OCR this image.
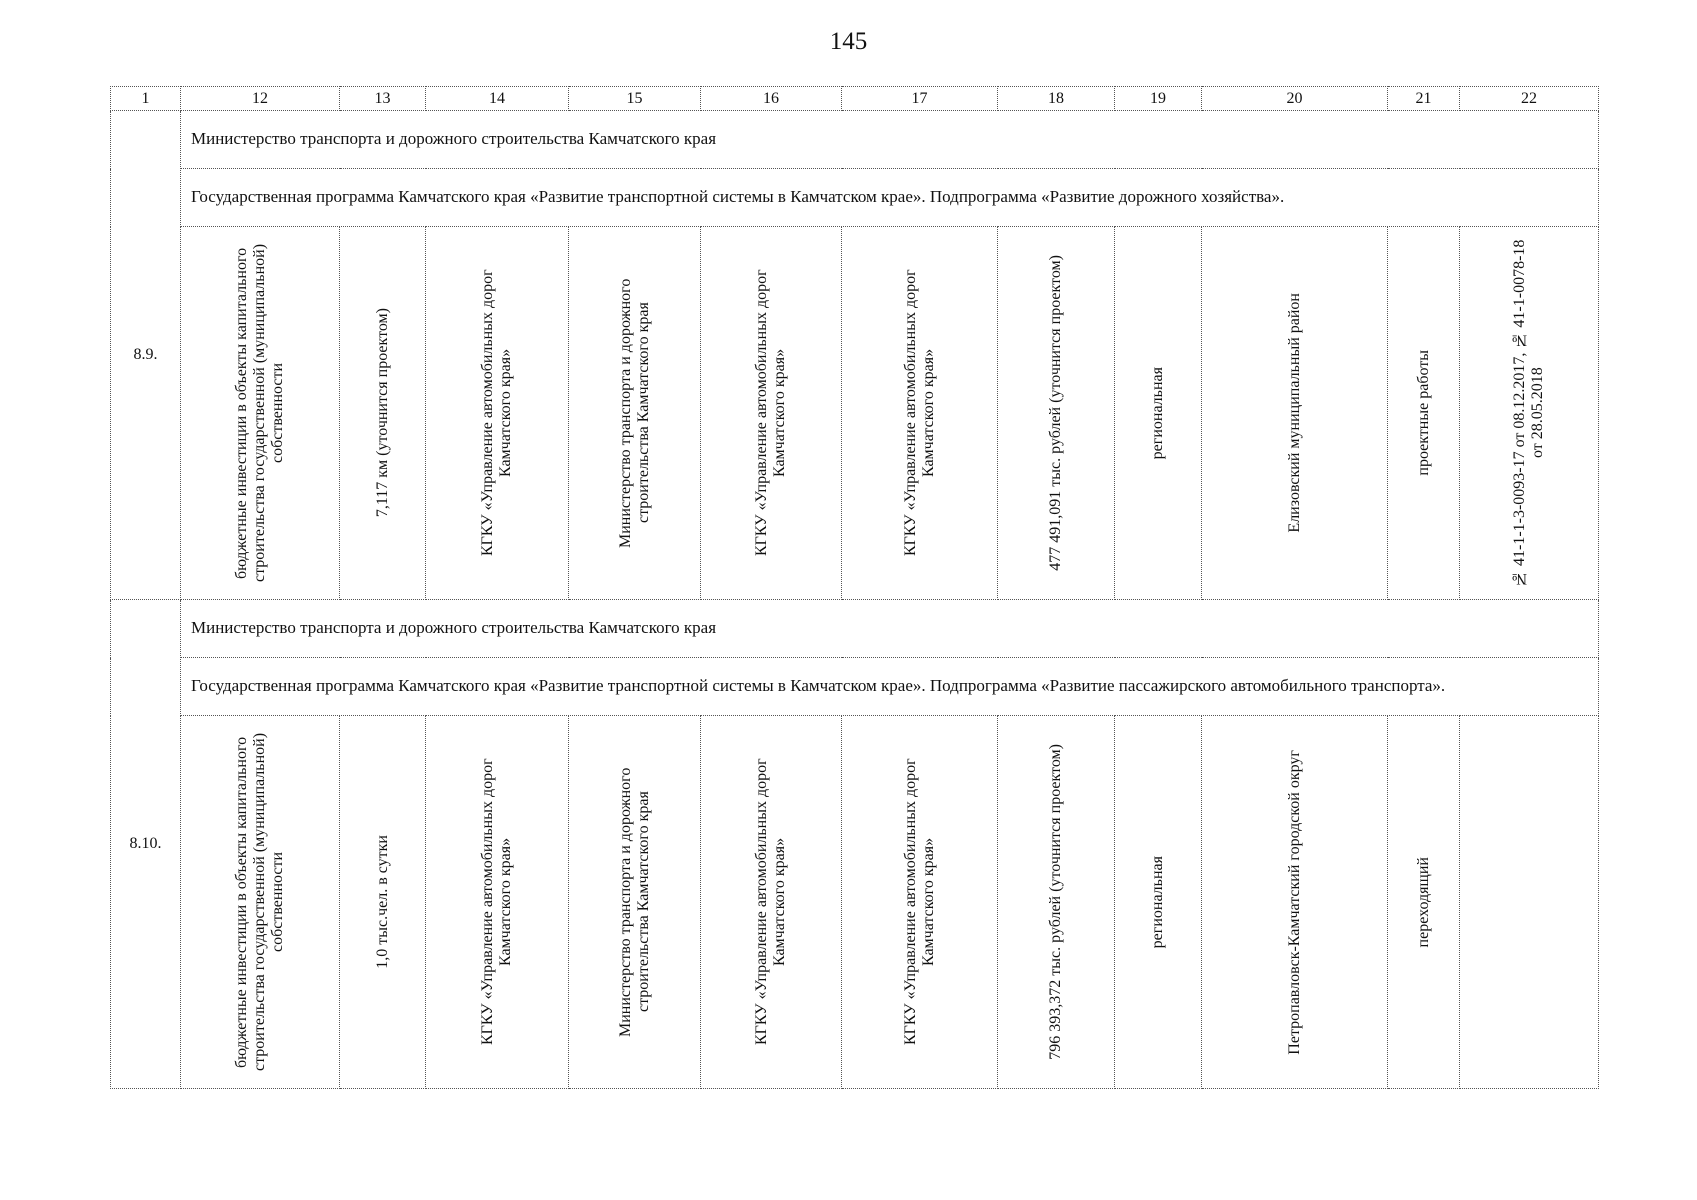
145
1	12	13	14	15	16	17	18	19	20	21	22
8.9.	Министерство транспорта и дорожного строительства Камчатского края										
	Государственная программа Камчатского края «Развитие транспортной системы в Камчатском крае». Подпрограмма «Развитие дорожного хозяйства».										

	бюджетные инвестиции в объекты капитального строительства государственной (муниципальной) собственности	7,117 км (уточнится проектом)	КГКУ «Управление автомобильных дорог Камчатского края»	Министерство транспорта и дорожного строительства Камчатского края	КГКУ «Управление автомобильных дорог Камчатского края»	КГКУ «Управление автомобильных дорог Камчатского края»	477 491,091 тыс. рублей (уточнится проектом)	региональная	Елизовский муниципальный район	проектные работы	№ 41-1-1-3-0093-17 от 08.12.2017, № 41-1-0078-18 от 28.05.2018

8.10.	Министерство транспорта и дорожного строительства Камчатского края										
	Государственная программа Камчатского края «Развитие транспортной системы в Камчатском крае». Подпрограмма «Развитие пассажирского автомобильного транспорта».										

	бюджетные инвестиции в объекты капитального строительства государственной (муниципальной) собственности	1,0 тыс.чел. в сутки	КГКУ «Управление автомобильных дорог Камчатского края»	Министерство транспорта и дорожного строительства Камчатского края	КГКУ «Управление автомобильных дорог Камчатского края»	КГКУ «Управление автомобильных дорог Камчатского края»	796 393,372 тыс. рублей (уточнится проектом)	региональная	Петропавловск-Камчатский городской округ	переходящий	
